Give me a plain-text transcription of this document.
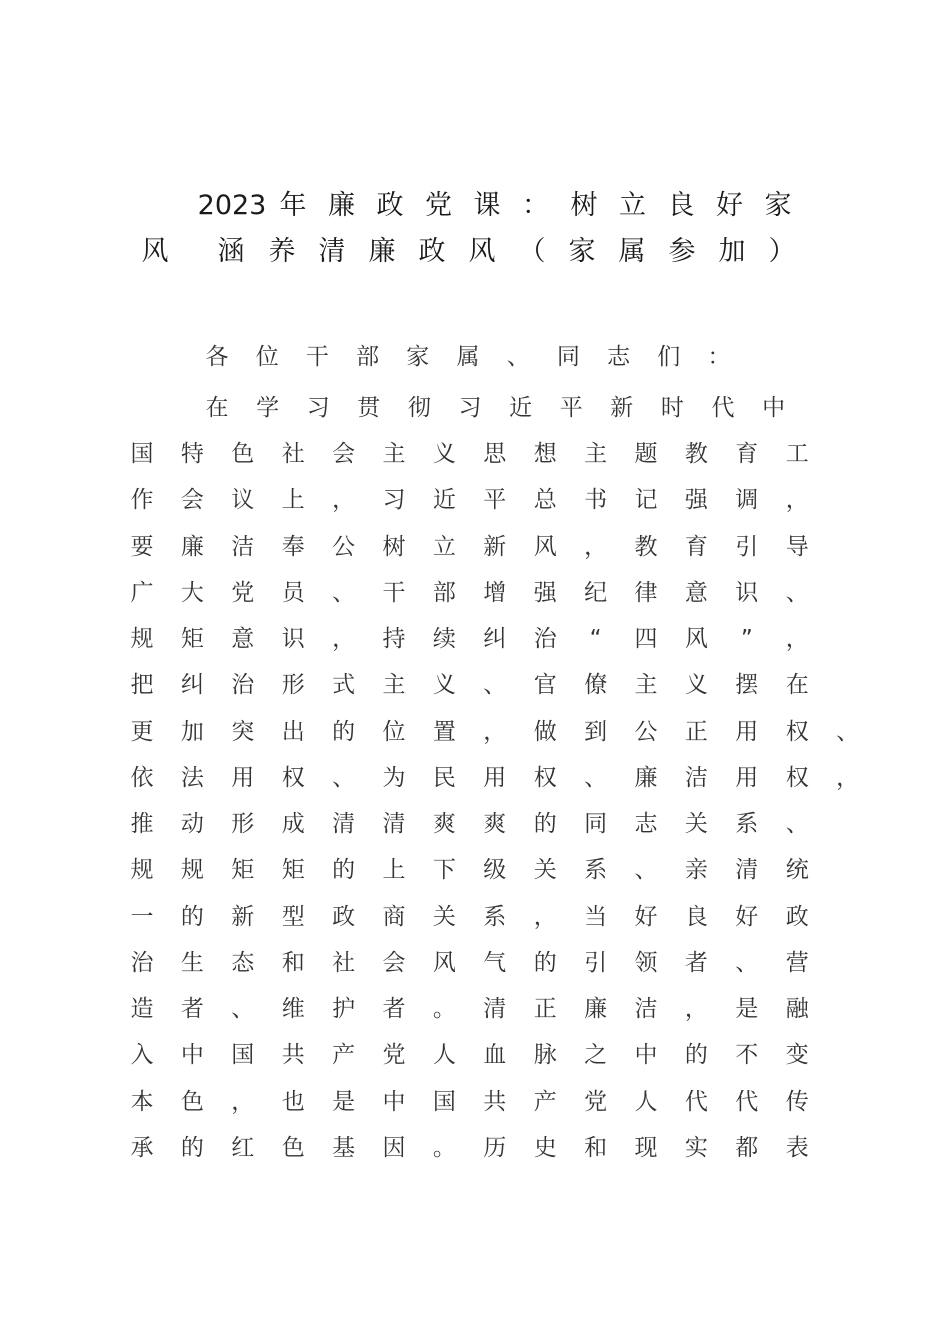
2023 年 廉 政 党 课 ： 树 立 良 好 家
风
涵 养 清 廉 政 风 （ 家 属 参 加 ）
各 位 干 部 家 属 、 同 志 们 ：
在 学 习 贯 彻 习 近 平 新 时 代 中
国 特 色 社 会 主 义 思 想 主 题 教 育 工
作 会 议 上 ， 习 近 平 总 书 记 强 调 ，
要 廉 洁 奉 公 树 立 新 风 ， 教 育 引 导
广 大 党 员 、 干 部 增 强 纪 律 意 识 、
规 矩 意 识 ， 持 续 纠 治 “ 四 风 ” ，
把 纠 治 形 式 主 义 、 官 僚 主 义 摆 在
更 加 突 出 的 位 置 ， 做 到 公 正 用 权 、
依 法 用 权 、 为 民 用 权 、 廉 洁 用 权 ，
推 动 形 成 清 清 爽 爽 的 同 志 关 系 、
规 规 矩 矩 的 上 下 级 关 系 、 亲 清 统
一 的 新 型 政 商 关 系 ， 当 好 良 好 政
治 生 态 和 社 会 风 气 的 引 领 者 、 营
造 者 、 维 护 者 。 清 正 廉 洁 ， 是 融
入 中 国 共 产 党 人 血 脉 之 中 的 不 变
本 色 ， 也 是 中 国 共 产 党 人 代 代 传
承 的 红 色 基 因 。 历 史 和 现 实 都 表
